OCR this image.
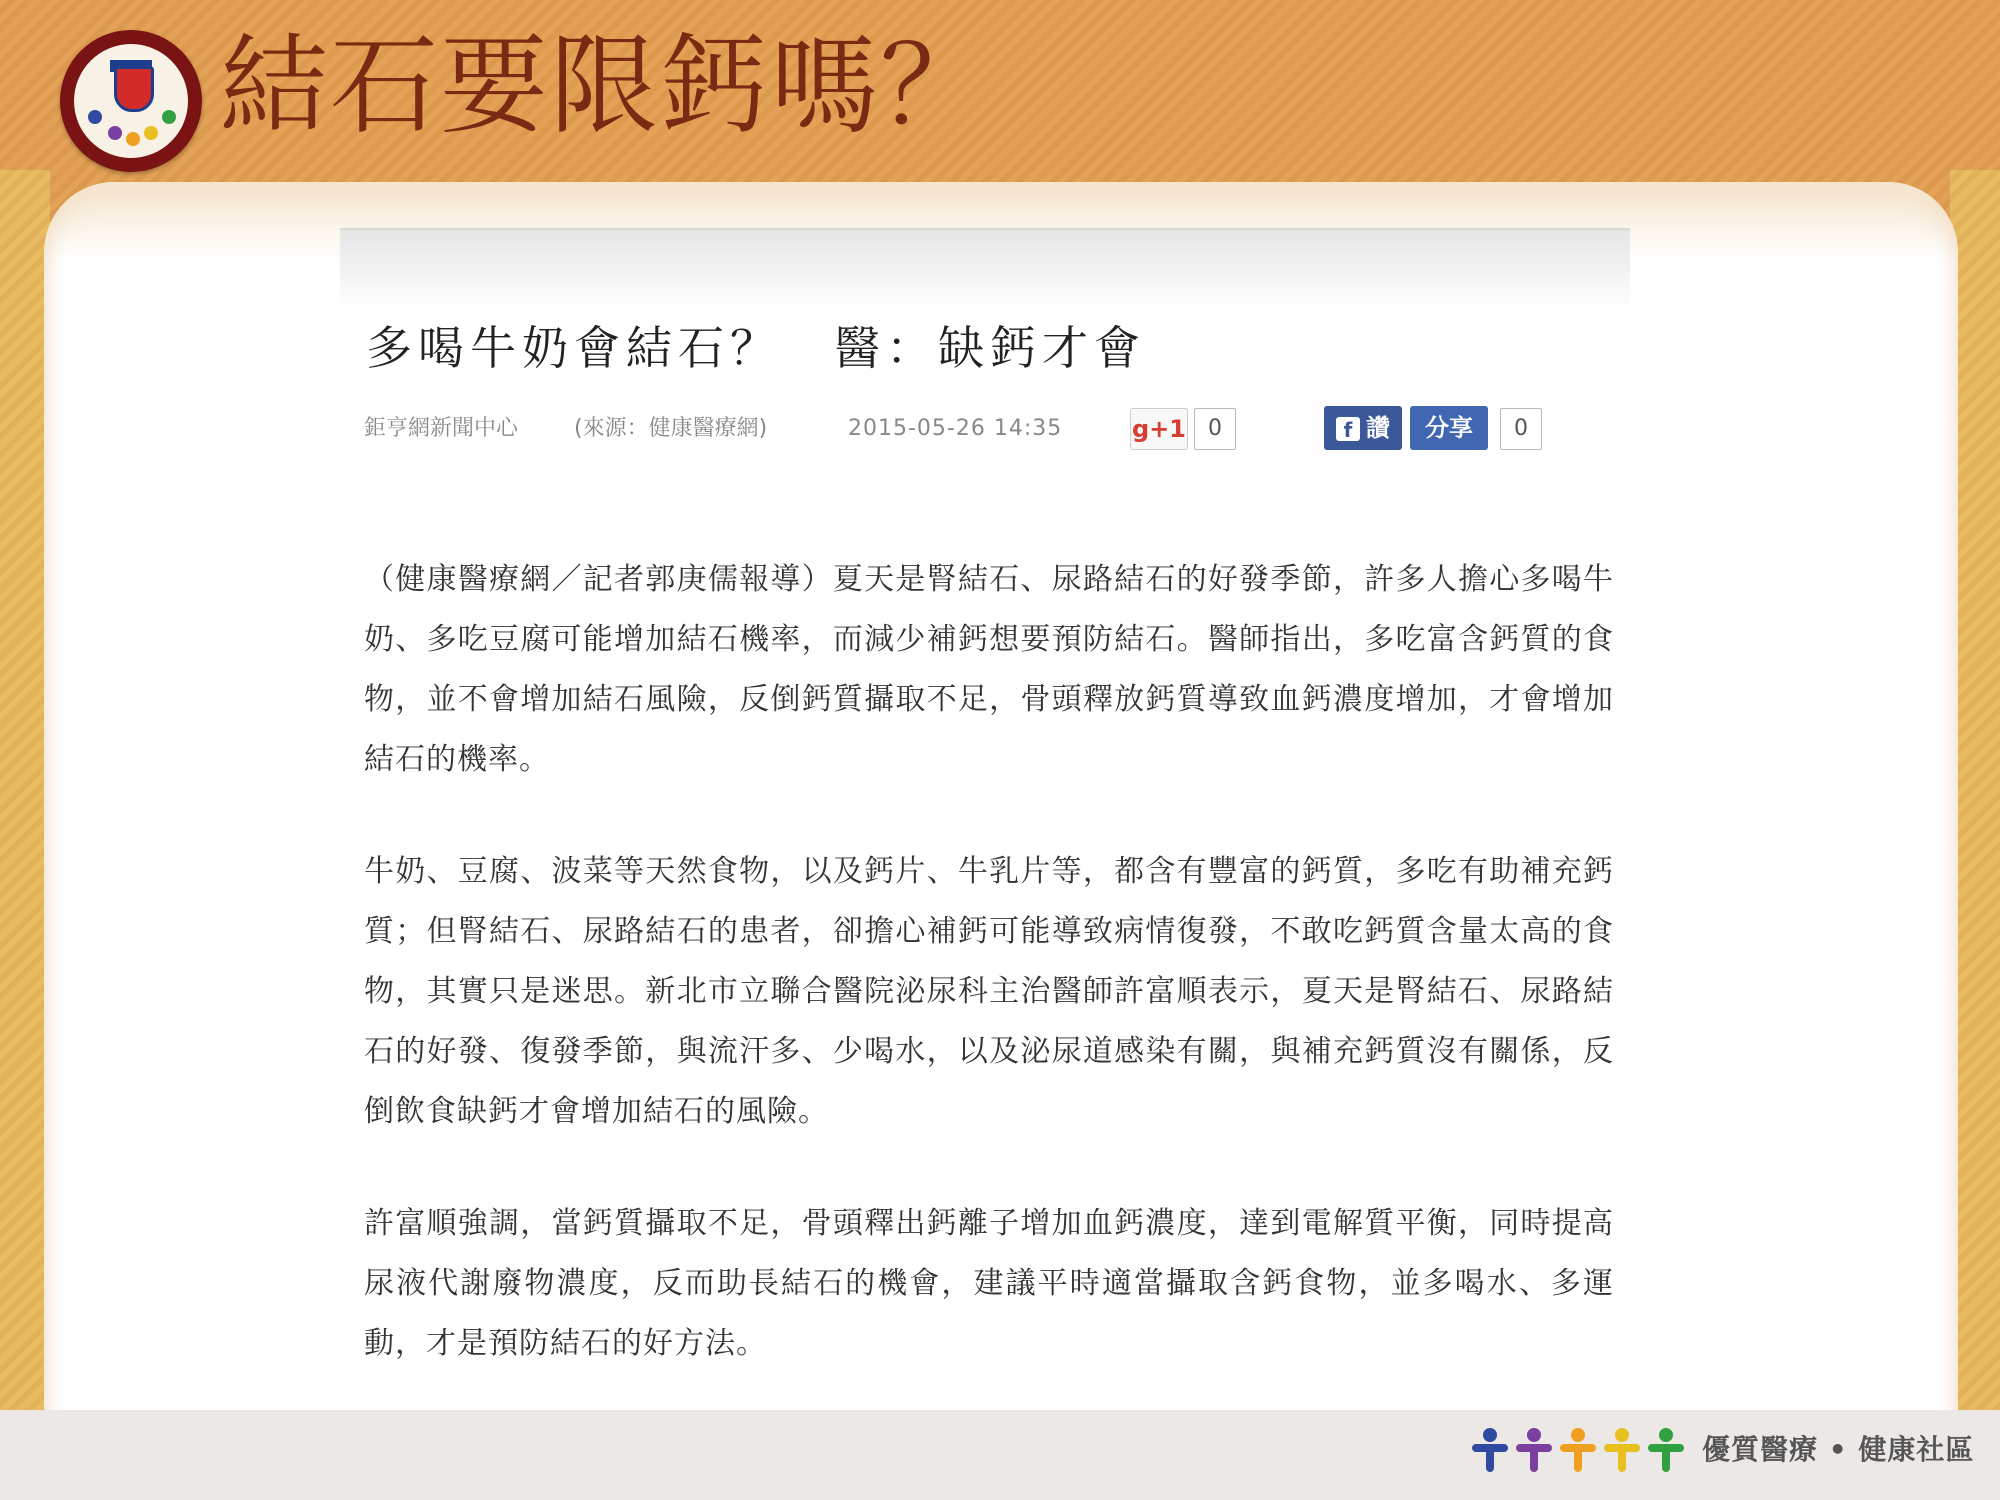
結石要限鈣嗎？
多喝牛奶會結石？　醫：缺鈣才會
鉅亨網新聞中心	(來源：健康醫療網)	2015-05-26 14:35	g+1	0	f 讚	分享	0

（健康醫療網／記者郭庚儒報導）夏天是腎結石、尿路結石的好發季節，許多人擔心多喝牛奶、多吃豆腐可能增加結石機率，而減少補鈣想要預防結石。醫師指出，多吃富含鈣質的食物，並不會增加結石風險，反倒鈣質攝取不足，骨頭釋放鈣質導致血鈣濃度增加，才會增加結石的機率。

牛奶、豆腐、波菜等天然食物，以及鈣片、牛乳片等，都含有豐富的鈣質，多吃有助補充鈣質；但腎結石、尿路結石的患者，卻擔心補鈣可能導致病情復發，不敢吃鈣質含量太高的食物，其實只是迷思。新北市立聯合醫院泌尿科主治醫師許富順表示，夏天是腎結石、尿路結石的好發、復發季節，與流汗多、少喝水，以及泌尿道感染有關，與補充鈣質沒有關係，反倒飲食缺鈣才會增加結石的風險。

許富順強調，當鈣質攝取不足，骨頭釋出鈣離子增加血鈣濃度，達到電解質平衡，同時提高尿液代謝廢物濃度，反而助長結石的機會，建議平時適當攝取含鈣食物，並多喝水、多運動，才是預防結石的好方法。

優質醫療 • 健康社區
